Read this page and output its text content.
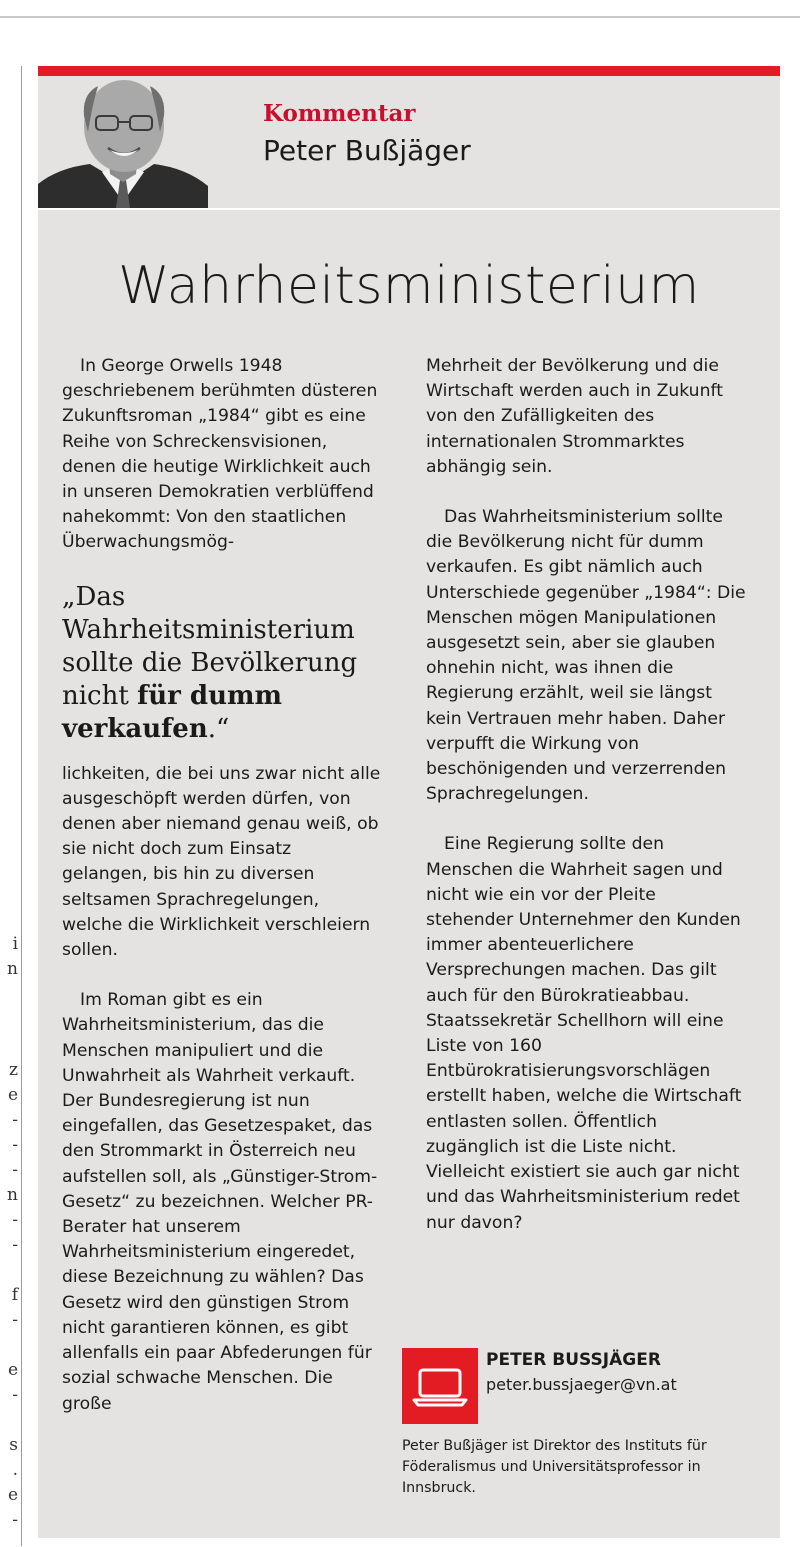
i
n
z
e
-
-
-
n
-
-
f
-
e
-
s
.
e
-
Kommentar
Peter Bußjäger
Wahrheitsministerium

In George Orwells 1948 geschriebenem berühmten düsteren Zukunftsroman „1984“ gibt es eine Reihe von Schreckensvisionen, denen die heutige Wirklichkeit auch in unseren Demokratien verblüffend nahekommt: Von den staatlichen Überwachungsmög-

„Das Wahrheitsministerium sollte die Bevölkerung nicht für dumm verkaufen.“

lichkeiten, die bei uns zwar nicht alle ausgeschöpft werden dürfen, von denen aber niemand genau weiß, ob sie nicht doch zum Einsatz gelangen, bis hin zu diversen seltsamen Sprachregelungen, welche die Wirklichkeit verschleiern sollen.

Im Roman gibt es ein Wahrheitsministerium, das die Menschen manipuliert und die Unwahrheit als Wahrheit verkauft. Der Bundesregierung ist nun eingefallen, das Gesetzespaket, das den Strommarkt in Österreich neu aufstellen soll, als „Günstiger-Strom-Gesetz“ zu bezeichnen. Welcher PR-Berater hat unserem Wahrheitsministerium eingeredet, diese Bezeichnung zu wählen? Das Gesetz wird den günstigen Strom nicht garantieren können, es gibt allenfalls ein paar Abfederungen für sozial schwache Menschen. Die große

Mehrheit der Bevölkerung und die Wirtschaft werden auch in Zukunft von den Zufälligkeiten des internationalen Strommarktes abhängig sein.

Das Wahrheitsministerium sollte die Bevölkerung nicht für dumm verkaufen. Es gibt nämlich auch Unterschiede gegenüber „1984“: Die Menschen mögen Manipulationen ausgesetzt sein, aber sie glauben ohnehin nicht, was ihnen die Regierung erzählt, weil sie längst kein Vertrauen mehr haben. Daher verpufft die Wirkung von beschönigenden und verzerrenden Sprachregelungen.

Eine Regierung sollte den Menschen die Wahrheit sagen und nicht wie ein vor der Pleite stehender Unternehmer den Kunden immer abenteuerlichere Versprechungen machen. Das gilt auch für den Bürokratieabbau. Staatssekretär Schellhorn will eine Liste von 160 Entbürokratisierungsvorschlägen erstellt haben, welche die Wirtschaft entlasten sollen. Öffentlich zugänglich ist die Liste nicht. Vielleicht existiert sie auch gar nicht und das Wahrheitsministerium redet nur davon?

PETER BUSSJÄGER
peter.bussjaeger@vn.at
Peter Bußjäger ist Direktor des Instituts für Föderalismus und Universitätsprofessor in Innsbruck.
